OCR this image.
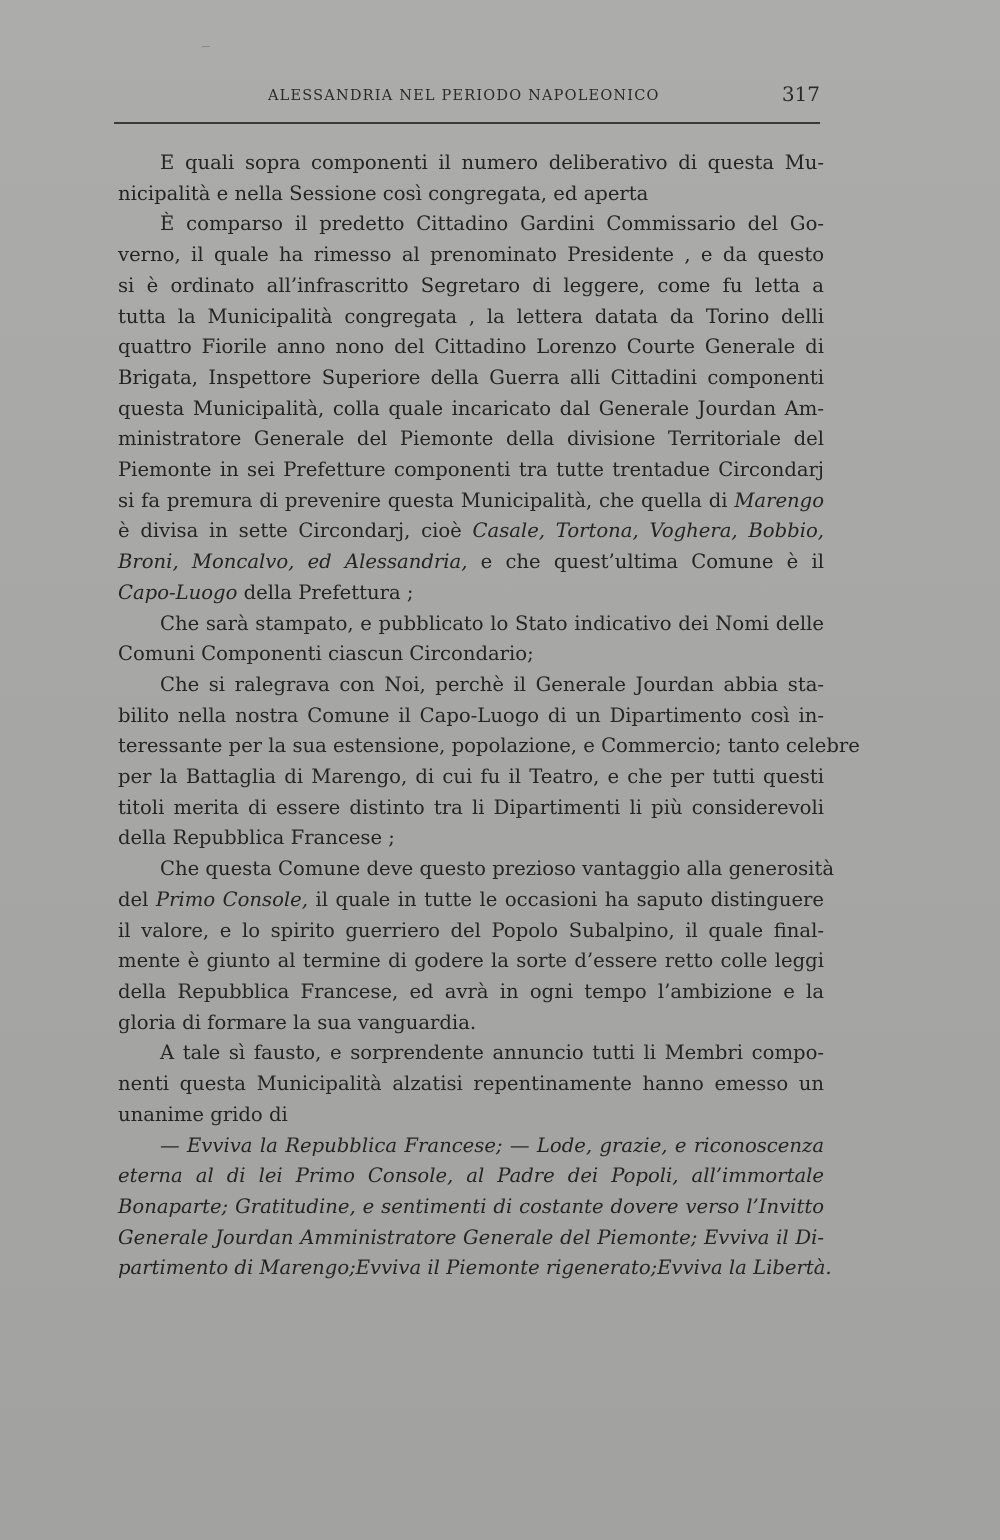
ALESSANDRIA NEL PERIODO NAPOLEONICO	317
E quali sopra componenti il numero deliberativo di questa Mu-
nicipalità e nella Sessione così congregata, ed aperta
È comparso il predetto Cittadino Gardini Commissario del Go-
verno, il quale ha rimesso al prenominato Presidente , e da questo
si è ordinato all’infrascritto Segretaro di leggere, come fu letta a
tutta la Municipalità congregata , la lettera datata da Torino delli
quattro Fiorile anno nono del Cittadino Lorenzo Courte Generale di
Brigata, Inspettore Superiore della Guerra alli Cittadini componenti
questa Municipalità, colla quale incaricato dal Generale Jourdan Am-
ministratore Generale del Piemonte della divisione Territoriale del
Piemonte in sei Prefetture componenti tra tutte trentadue Circondarj
si fa premura di prevenire questa Municipalità, che quella di Marengo
è divisa in sette Circondarj, cioè Casale, Tortona, Voghera, Bobbio,
Broni, Moncalvo, ed Alessandria, e che quest’ultima Comune è il
Capo-Luogo della Prefettura ;
Che sarà stampato, e pubblicato lo Stato indicativo dei Nomi delle
Comuni Componenti ciascun Circondario;
Che si ralegrava con Noi, perchè il Generale Jourdan abbia sta-
bilito nella nostra Comune il Capo-Luogo di un Dipartimento così in-
teressante per la sua estensione, popolazione, e Commercio; tanto celebre
per la Battaglia di Marengo, di cui fu il Teatro, e che per tutti questi
titoli merita di essere distinto tra li Dipartimenti li più considerevoli
della Repubblica Francese ;
Che questa Comune deve questo prezioso vantaggio alla generosità
del Primo Console, il quale in tutte le occasioni ha saputo distinguere
il valore, e lo spirito guerriero del Popolo Subalpino, il quale final-
mente è giunto al termine di godere la sorte d’essere retto colle leggi
della Repubblica Francese, ed avrà in ogni tempo l’ambizione e la
gloria di formare la sua vanguardia.
A tale sì fausto, e sorprendente annuncio tutti li Membri compo-
nenti questa Municipalità alzatisi repentinamente hanno emesso un
unanime grido di
— Evviva la Repubblica Francese; — Lode, grazie, e riconoscenza
eterna al di lei Primo Console, al Padre dei Popoli, all’immortale
Bonaparte; Gratitudine, e sentimenti di costante dovere verso l’Invitto
Generale Jourdan Amministratore Generale del Piemonte; Evviva il Di-
partimento di Marengo;Evviva il Piemonte rigenerato;Evviva la Libertà.
